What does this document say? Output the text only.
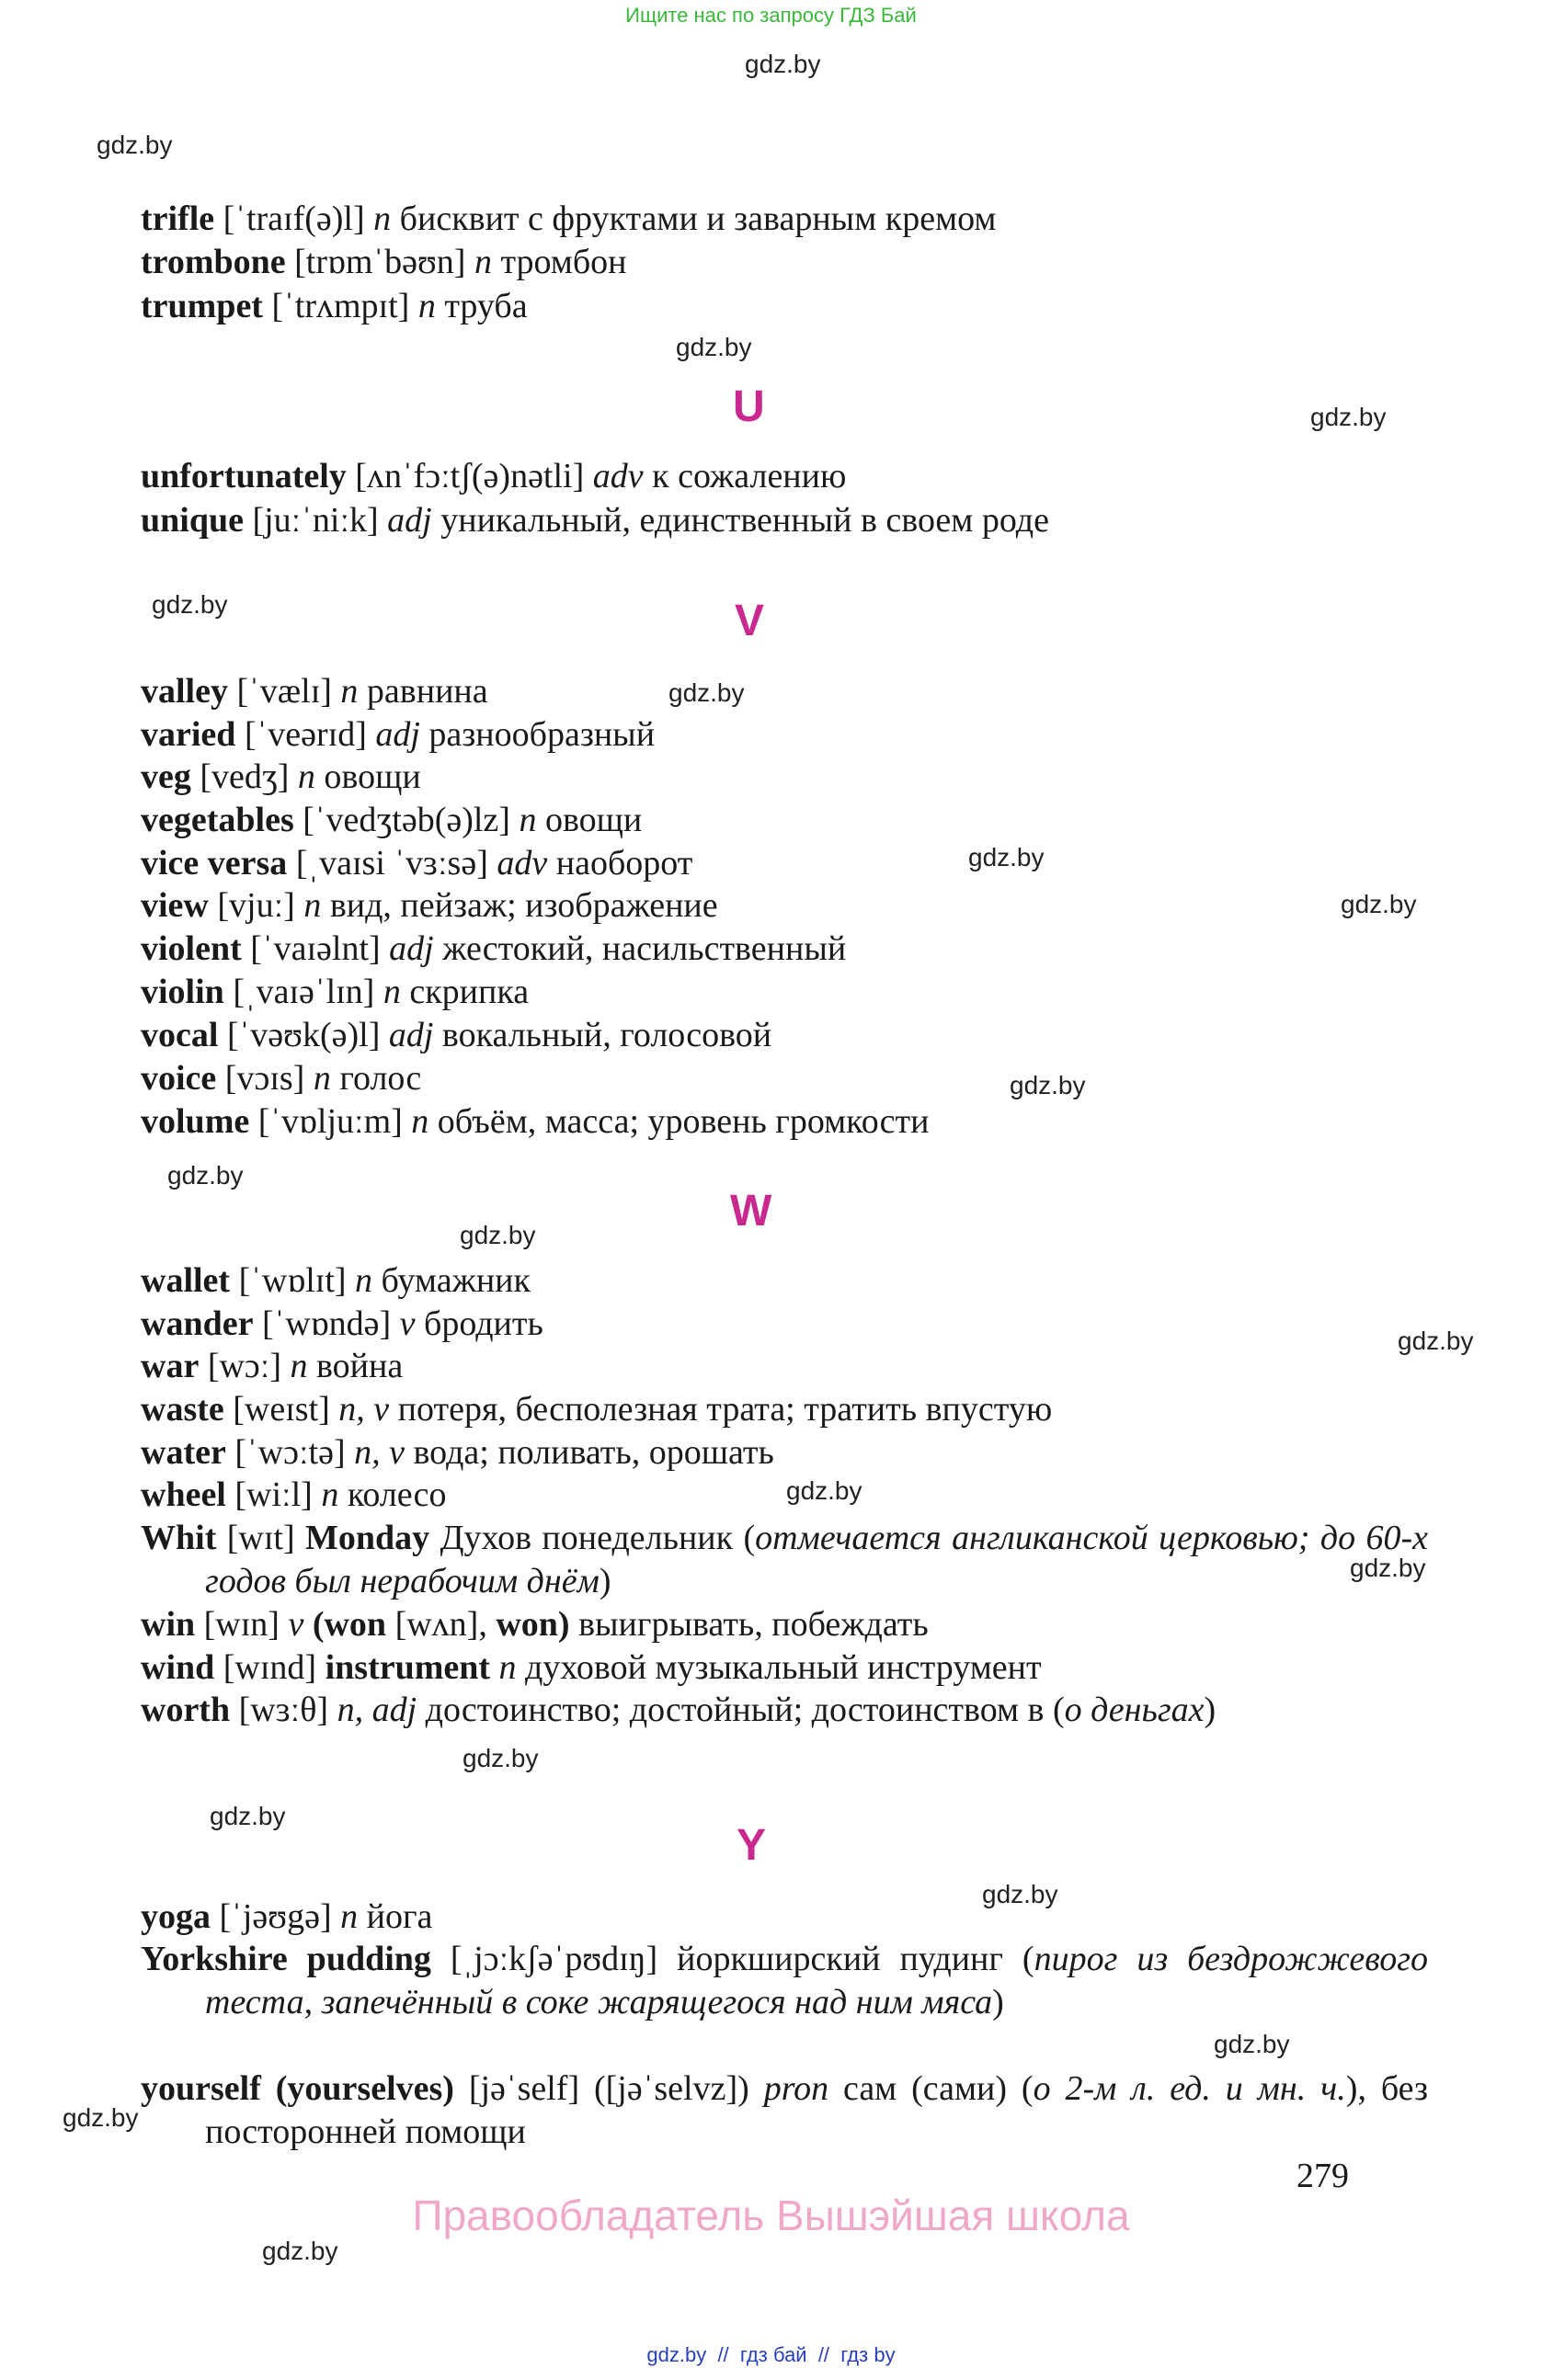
Ищите нас по запросу ГДЗ Бай
gdz.by
gdz.by
gdz.by
gdz.by
gdz.by
gdz.by
gdz.by
gdz.by
gdz.by
gdz.by
gdz.by
gdz.by
gdz.by
gdz.by
gdz.by
gdz.by
gdz.by
gdz.by
gdz.by
gdz.by
trifle [ˈtraɪf(ə)l] n бисквит с фруктами и заварным кремом
trombone [trɒmˈbəʊn] n тромбон
trumpet [ˈtrʌmpɪt] n труба
U
unfortunately [ʌnˈfɔːtʃ(ə)nətli] adv к сожалению
unique [juːˈniːk] adj уникальный, единственный в своем роде
V
valley [ˈvælɪ] n равнина
varied [ˈveərɪd] adj разнообразный
veg [vedʒ] n овощи
vegetables [ˈvedʒtəb(ə)lz] n овощи
vice versa [ˌvaɪsi ˈvɜːsə] adv наоборот
view [vjuː] n вид, пейзаж; изображение
violent [ˈvaɪəlnt] adj жестокий, насильственный
violin [ˌvaɪəˈlɪn] n скрипка
vocal [ˈvəʊk(ə)l] adj вокальный, голосовой
voice [vɔɪs] n голос
volume [ˈvɒljuːm] n объём, масса; уровень громкости
W
wallet [ˈwɒlɪt] n бумажник
wander [ˈwɒndə] v бродить
war [wɔː] n война
waste [weɪst] n, v потеря, бесполезная трата; тратить впустую
water [ˈwɔːtə] n, v вода; поливать, орошать
wheel [wiːl] n колесо
Whit [wɪt] Monday Духов понедельник (отмечается англиканской церковью; до 60-х годов был нерабочим днём)
win [wɪn] v (won [wʌn], won) выигрывать, побеждать
wind [wɪnd] instrument n духовой музыкальный инструмент
worth [wɜːθ] n, adj достоинство; достойный; достоинством в (о деньгах)
Y
yoga [ˈjəʊgə] n йога
Yorkshire pudding [ˌjɔːkʃəˈpʊdɪŋ] йоркширский пудинг (пирог из бездрожжевого теста, запечённый в соке жарящегося над ним мяса)
yourself (yourselves) [jəˈself] ([jəˈselvz]) pron сам (сами) (о 2-м л. ед. и мн. ч.), без посторонней помощи
279
Правообладатель Вышэйшая школа
gdz.by  //  гдз бай  //  гдз by
